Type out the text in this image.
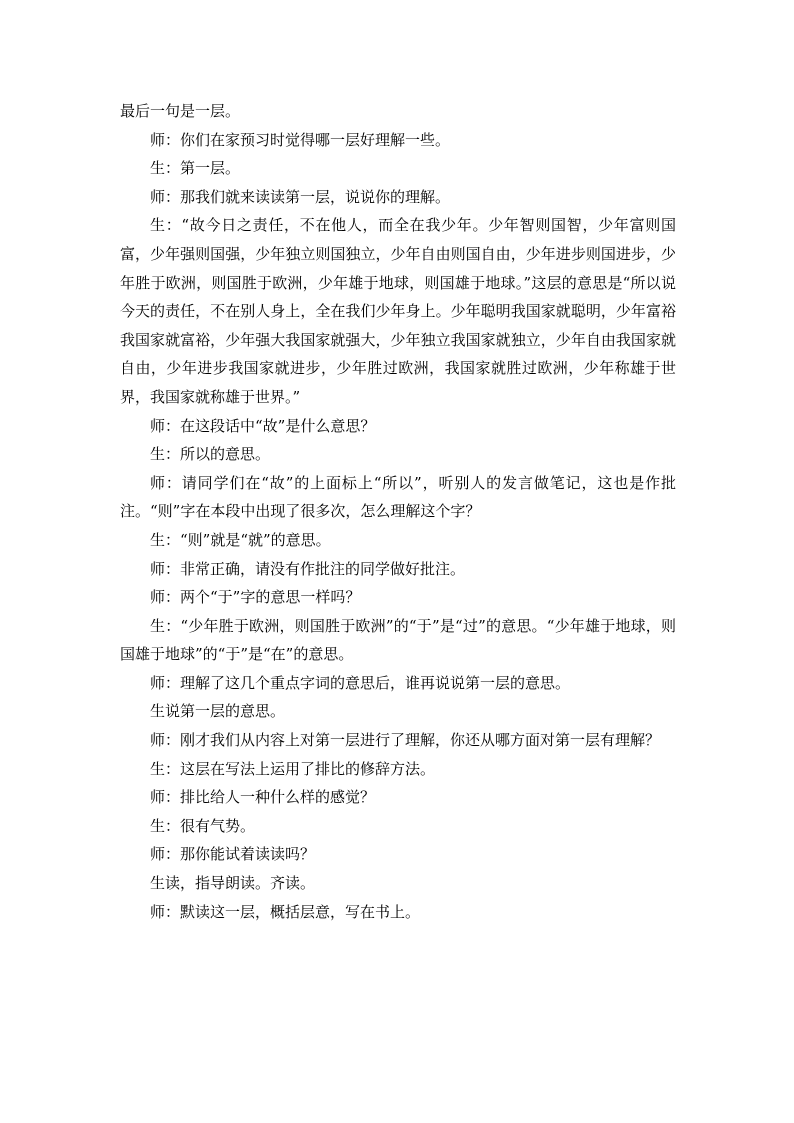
最后一句是一层。

师：你们在家预习时觉得哪一层好理解一些。

生：第一层。

师：那我们就来读读第一层，说说你的理解。

生：“故今日之责任，不在他人，而全在我少年。少年智则国智，少年富则国富，少年强则国强，少年独立则国独立，少年自由则国自由，少年进步则国进步，少年胜于欧洲，则国胜于欧洲，少年雄于地球，则国雄于地球。”这层的意思是“所以说今天的责任，不在别人身上，全在我们少年身上。少年聪明我国家就聪明，少年富裕我国家就富裕，少年强大我国家就强大，少年独立我国家就独立，少年自由我国家就自由，少年进步我国家就进步，少年胜过欧洲，我国家就胜过欧洲，少年称雄于世界，我国家就称雄于世界。”

师：在这段话中“故”是什么意思？

生：所以的意思。

师：请同学们在“故”的上面标上“所以”，听别人的发言做笔记，这也是作批注。“则”字在本段中出现了很多次，怎么理解这个字？

生：“则”就是“就”的意思。

师：非常正确，请没有作批注的同学做好批注。

师：两个“于”字的意思一样吗？

生：“少年胜于欧洲，则国胜于欧洲”的“于”是“过”的意思。“少年雄于地球，则国雄于地球”的“于”是“在”的意思。

师：理解了这几个重点字词的意思后，谁再说说第一层的意思。

生说第一层的意思。

师：刚才我们从内容上对第一层进行了理解，你还从哪方面对第一层有理解？

生：这层在写法上运用了排比的修辞方法。

师：排比给人一种什么样的感觉？

生：很有气势。

师：那你能试着读读吗？

生读，指导朗读。齐读。

师：默读这一层，概括层意，写在书上。
